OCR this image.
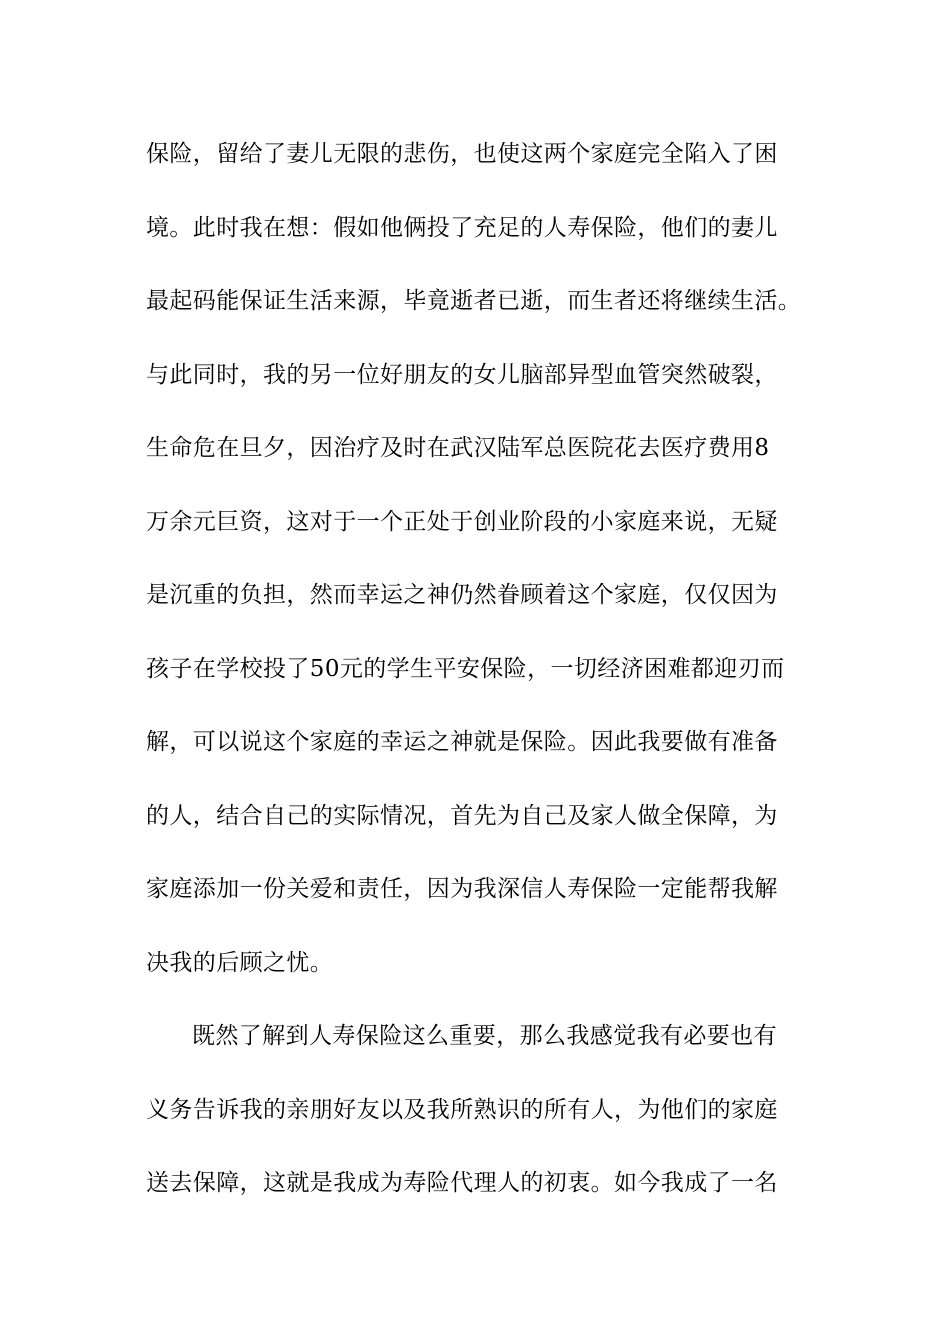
保险，留给了妻儿无限的悲伤，也使这两个家庭完全陷入了困
境。此时我在想：假如他俩投了充足的人寿保险，他们的妻儿
最起码能保证生活来源，毕竟逝者已逝，而生者还将继续生活。
与此同时，我的另一位好朋友的女儿脑部异型血管突然破裂，
生命危在旦夕，因治疗及时在武汉陆军总医院花去医疗费用8
万余元巨资，这对于一个正处于创业阶段的小家庭来说，无疑
是沉重的负担，然而幸运之神仍然眷顾着这个家庭，仅仅因为
孩子在学校投了50元的学生平安保险，一切经济困难都迎刃而
解，可以说这个家庭的幸运之神就是保险。因此我要做有准备
的人，结合自己的实际情况，首先为自己及家人做全保障，为
家庭添加一份关爱和责任，因为我深信人寿保险一定能帮我解
决我的后顾之忧。
既然了解到人寿保险这么重要，那么我感觉我有必要也有
义务告诉我的亲朋好友以及我所熟识的所有人，为他们的家庭
送去保障，这就是我成为寿险代理人的初衷。如今我成了一名
